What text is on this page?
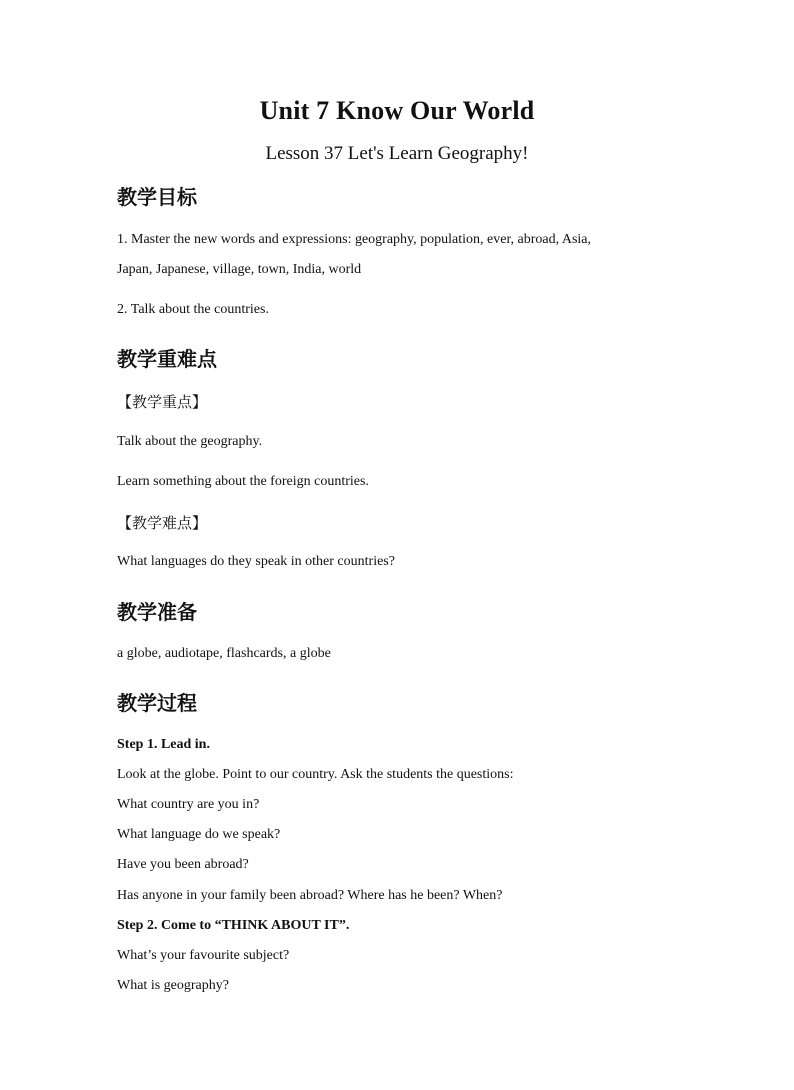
Unit 7 Know Our World
Lesson 37 Let's Learn Geography!
教学目标
1. Master the new words and expressions: geography, population, ever, abroad, Asia,
Japan, Japanese, village, town, India, world
2. Talk about the countries.
教学重难点
【教学重点】
Talk about the geography.
Learn something about the foreign countries.
【教学难点】
What languages do they speak in other countries?
教学准备
a globe, audiotape, flashcards, a globe
教学过程
Step 1. Lead in.
Look at the globe. Point to our country. Ask the students the questions:
What country are you in?
What language do we speak?
Have you been abroad?
Has anyone in your family been abroad? Where has he been? When?
Step 2. Come to “THINK ABOUT IT”.
What’s your favourite subject?
What is geography?
